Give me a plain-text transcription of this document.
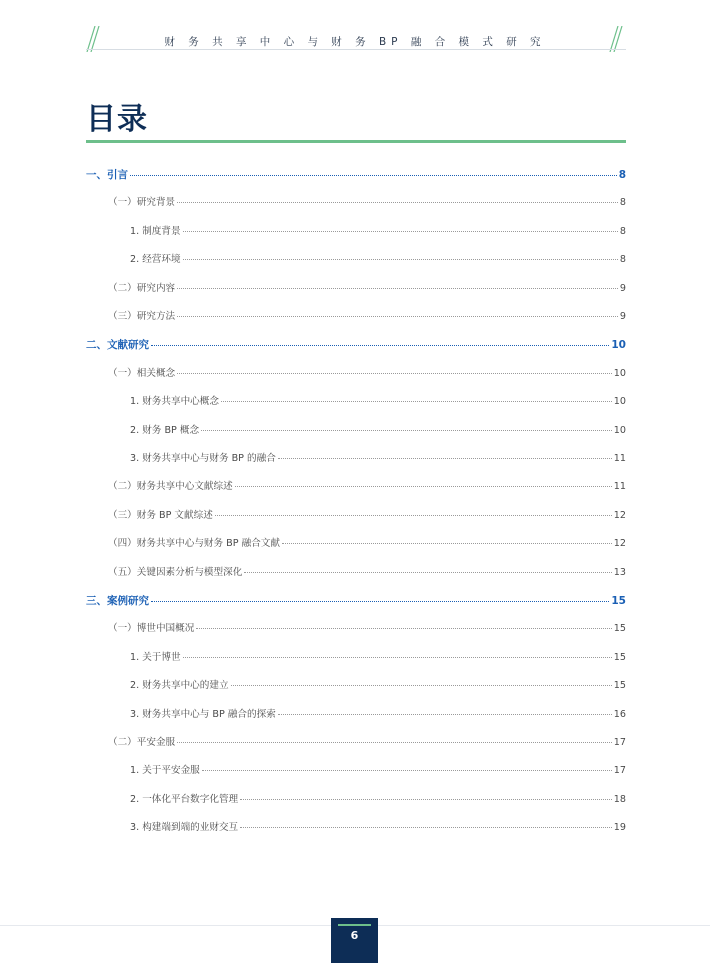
财 务 共 享 中 心 与 财 务 BP 融 合 模 式 研 究
目录
一、引言	8
（一）研究背景	8
1. 制度背景	8
2. 经营环境	8
（二）研究内容	9
（三）研究方法	9
二、文献研究	10
（一）相关概念	10
1. 财务共享中心概念	10
2. 财务 BP 概念	10
3. 财务共享中心与财务 BP 的融合	11
（二）财务共享中心文献综述	11
（三）财务 BP 文献综述	12
（四）财务共享中心与财务 BP 融合文献	12
（五）关键因素分析与模型深化	13
三、案例研究	15
（一）博世中国概况	15
1. 关于博世	15
2. 财务共享中心的建立	15
3. 财务共享中心与 BP 融合的探索	16
（二）平安金服	17
1. 关于平安金服	17
2. 一体化平台数字化管理	18
3. 构建端到端的业财交互	19
6
